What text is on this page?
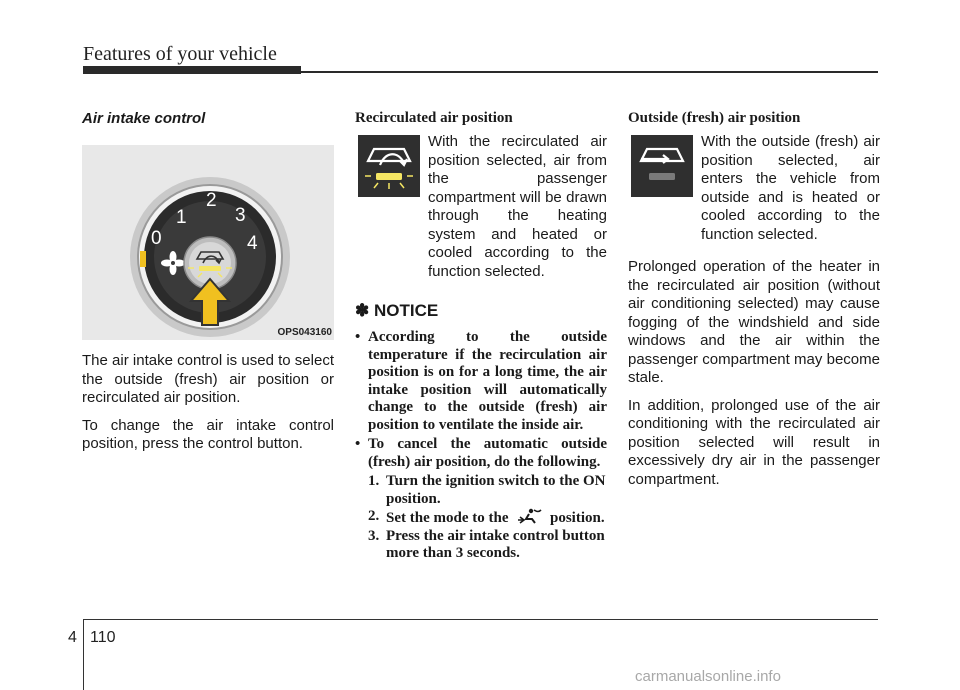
Features of your vehicle
Air intake control
0
1
2
3
4
OPS043160

The air intake control is used to select the outside (fresh) air position or recirculated air position.

To change the air intake control position, press the control button.

Recirculated air position
With the recirculated air position selected, air from the passenger compartment will be drawn through the heating system and heated or cooled according to the function selected.
✽ NOTICE
• According to the outside temperature if the recirculation air position is on for a long time, the air intake position will automatically change to the outside (fresh) air position to ventilate the inside air.
• To cancel the automatic outside (fresh) air position, do the following.
1. Turn the ignition switch to the ON position.
2. Set the mode to the	position.
3. Press the air intake control button more than 3 seconds.
Outside (fresh) air position
With the outside (fresh) air position selected, air enters the vehicle from outside and is heated or cooled according to the function selected.

Prolonged operation of the heater in the recirculated air position (without air conditioning selected) may cause fogging of the windshield and side windows and the air within the passenger compartment may become stale.

In addition, prolonged use of the air conditioning with the recirculated air position selected will result in excessively dry air in the passenger compartment.

4 110
carmanualsonline.info
